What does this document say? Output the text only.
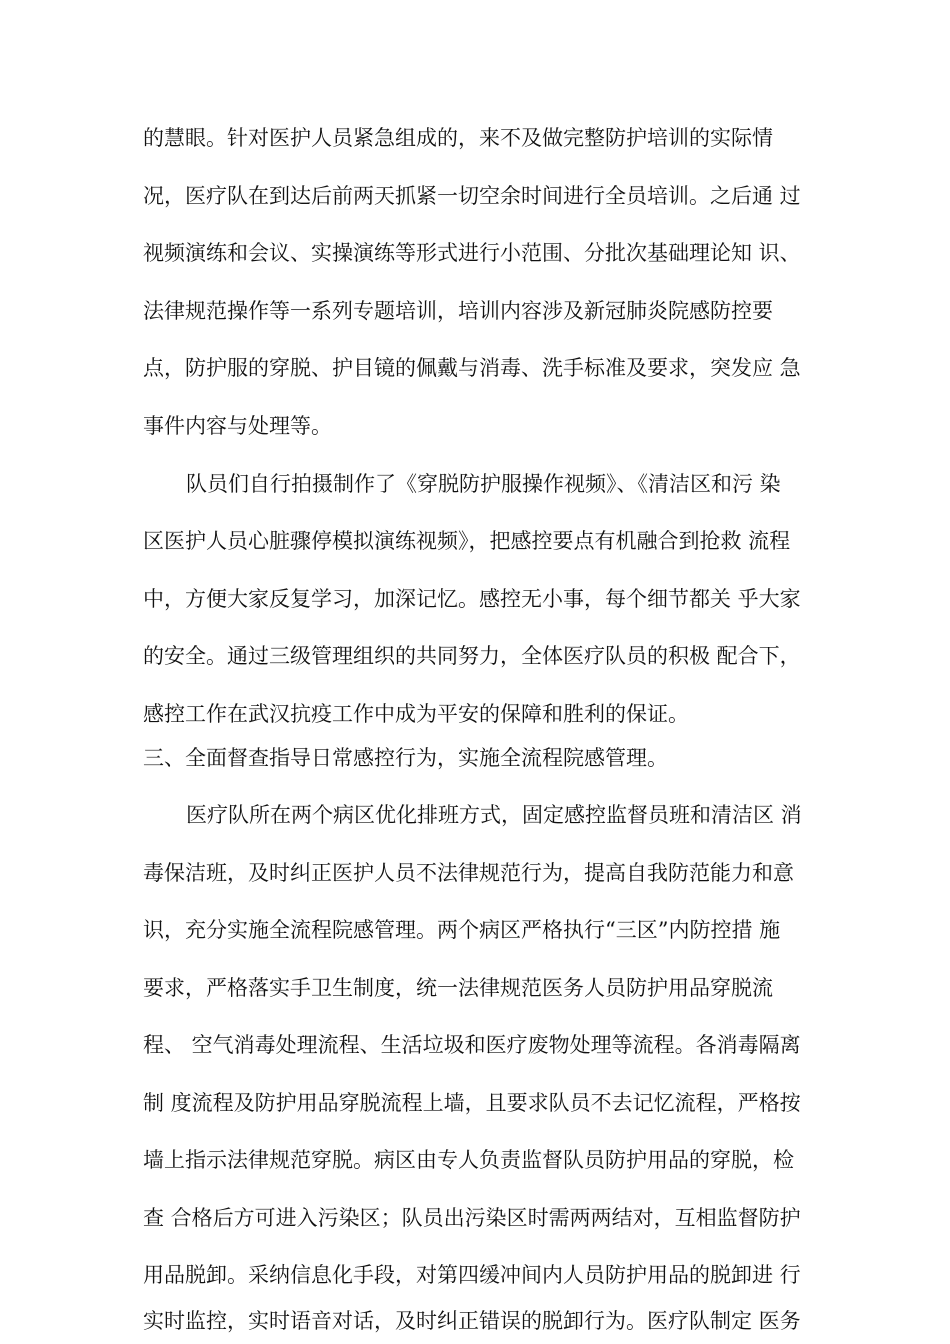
的慧眼。针对医护人员紧急组成的，来不及做完整防护培训的实际情
况，医疗队在到达后前两天抓紧一切空余时间进行全员培训。之后通 过
视频演练和会议、实操演练等形式进行小范围、分批次基础理论知 识、
法律规范操作等一系列专题培训，培训内容涉及新冠肺炎院感防控要
点，防护服的穿脱、护目镜的佩戴与消毒、洗手标准及要求，突发应 急
事件内容与处理等。
队员们自行拍摄制作了《穿脱防护服操作视频》、《清洁区和污 染
区医护人员心脏骤停模拟演练视频》，把感控要点有机融合到抢救 流程
中，方便大家反复学习，加深记忆。感控无小事，每个细节都关 乎大家
的安全。通过三级管理组织的共同努力，全体医疗队员的积极 配合下，
感控工作在武汉抗疫工作中成为平安的保障和胜利的保证。
三、全面督查指导日常感控行为，实施全流程院感管理。
医疗队所在两个病区优化排班方式，固定感控监督员班和清洁区 消
毒保洁班，及时纠正医护人员不法律规范行为，提高自我防范能力和意
识，充分实施全流程院感管理。两个病区严格执行“三区”内防控措 施
要求，严格落实手卫生制度，统一法律规范医务人员防护用品穿脱流
程、 空气消毒处理流程、生活垃圾和医疗废物处理等流程。各消毒隔离
制 度流程及防护用品穿脱流程上墙，且要求队员不去记忆流程，严格按
墙上指示法律规范穿脱。病区由专人负责监督队员防护用品的穿脱，检
查 合格后方可进入污染区；队员出污染区时需两两结对，互相监督防护
用品脱卸。采纳信息化手段，对第四缓冲间内人员防护用品的脱卸进 行
实时监控，实时语音对话，及时纠正错误的脱卸行为。医疗队制定 医务
